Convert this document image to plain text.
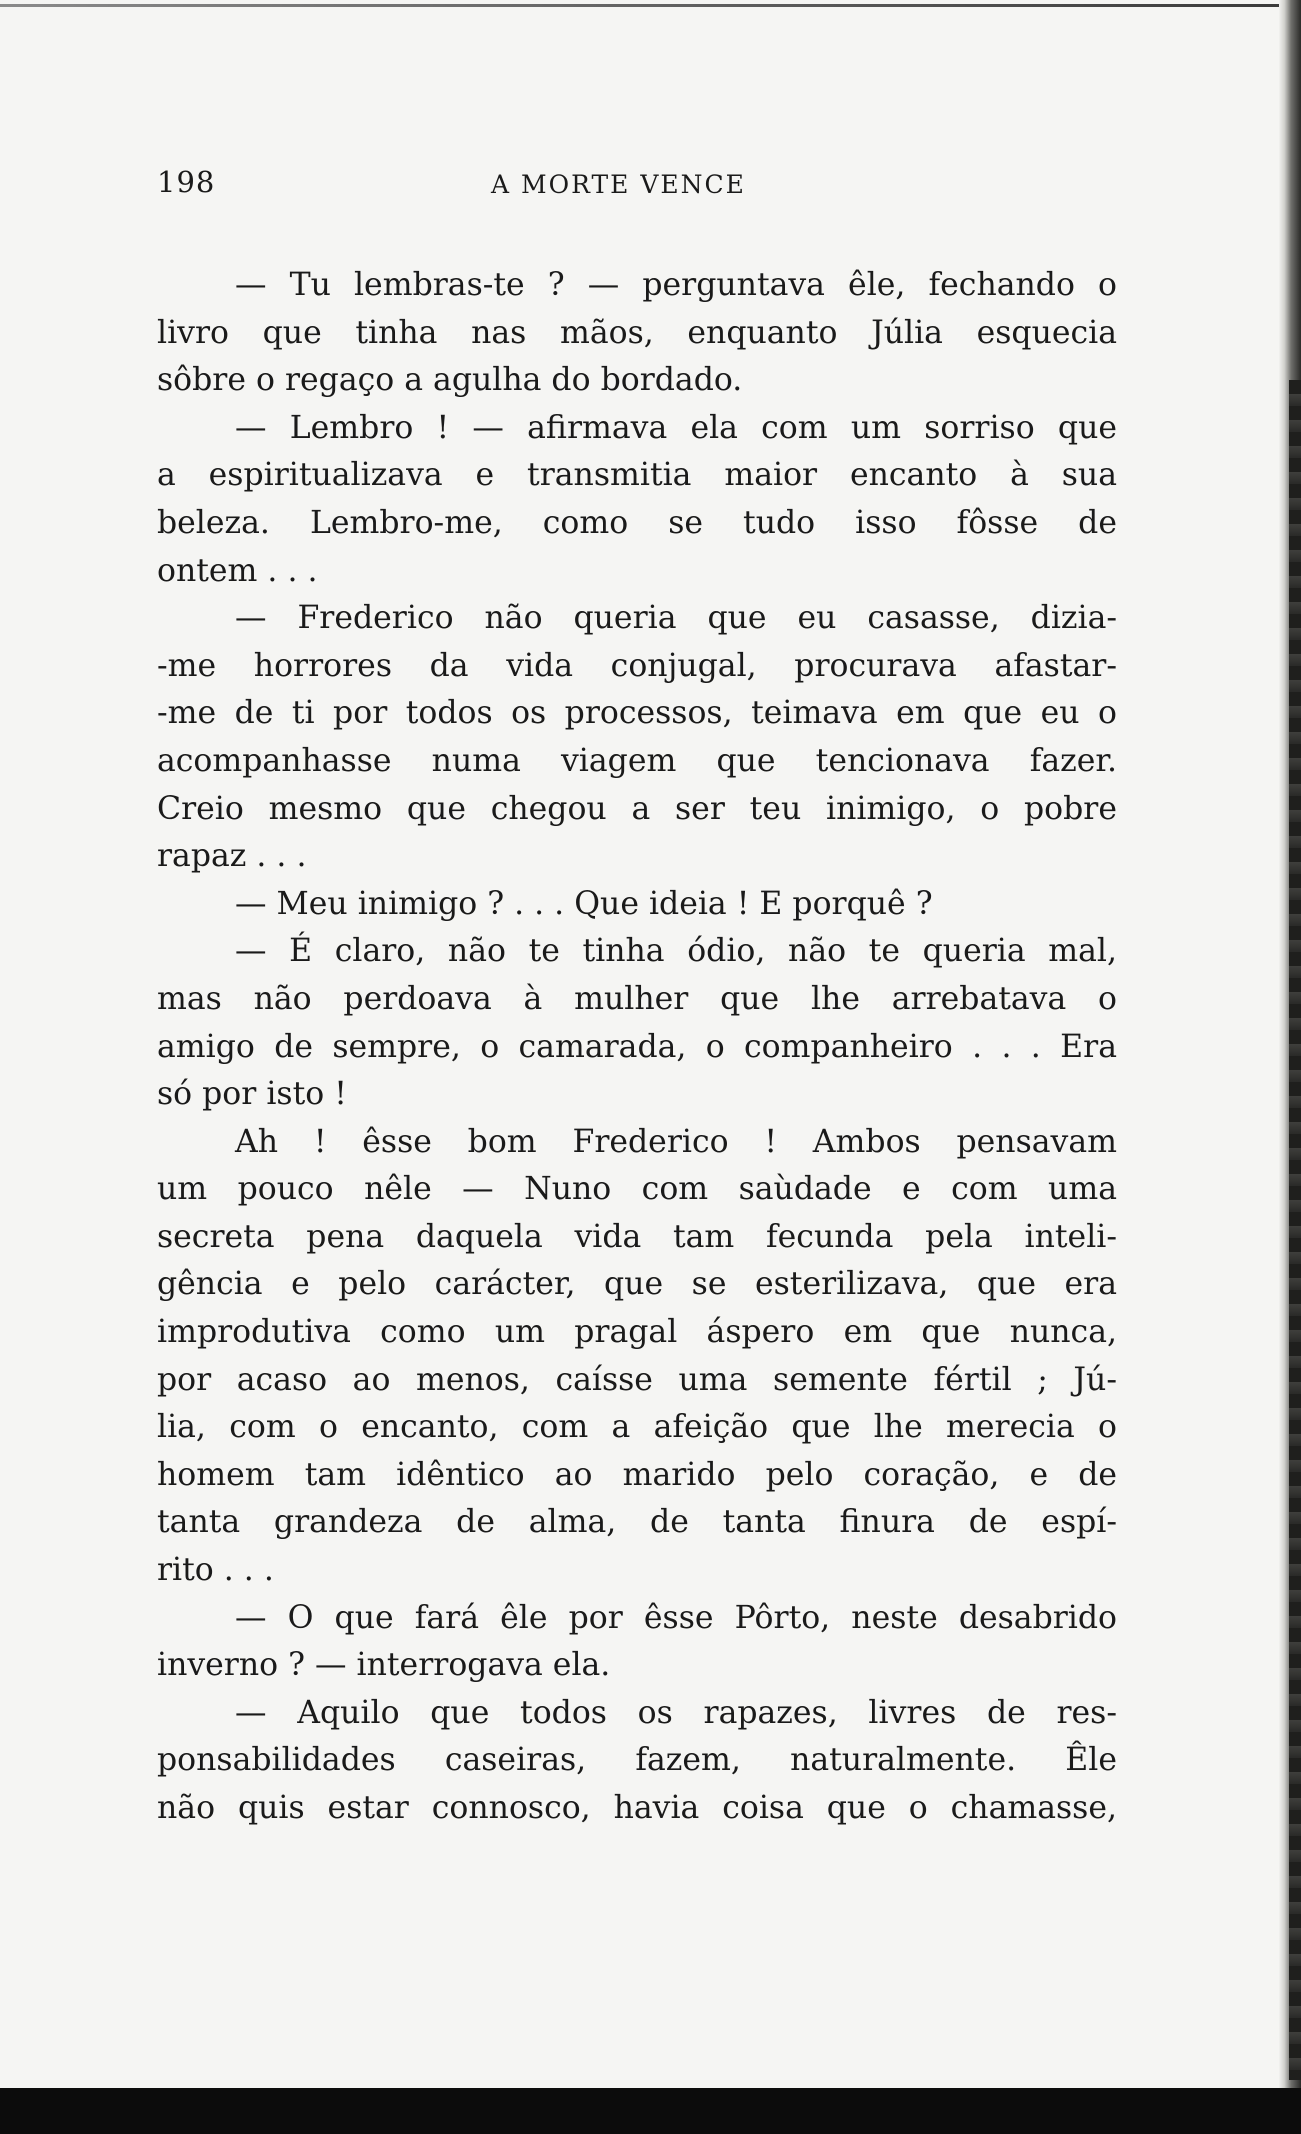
198	A MORTE VENCE
— Tu lembras-te ? — perguntava êle, fechando o
livro que tinha nas mãos, enquanto Júlia esquecia
sôbre o regaço a agulha do bordado.
— Lembro ! — afirmava ela com um sorriso que
a espiritualizava e transmitia maior encanto à sua
beleza. Lembro-me, como se tudo isso fôsse de
ontem . . .
— Frederico não queria que eu casasse, dizia-
-me horrores da vida conjugal, procurava afastar-
-me de ti por todos os processos, teimava em que eu o
acompanhasse numa viagem que tencionava fazer.
Creio mesmo que chegou a ser teu inimigo, o pobre
rapaz . . .
— Meu inimigo ? . . . Que ideia ! E porquê ?
— É claro, não te tinha ódio, não te queria mal,
mas não perdoava à mulher que lhe arrebatava o
amigo de sempre, o camarada, o companheiro . . . Era
só por isto !
Ah ! êsse bom Frederico ! Ambos pensavam
um pouco nêle — Nuno com saùdade e com uma
secreta pena daquela vida tam fecunda pela inteli-
gência e pelo carácter, que se esterilizava, que era
improdutiva como um pragal áspero em que nunca,
por acaso ao menos, caísse uma semente fértil ; Jú-
lia, com o encanto, com a afeição que lhe merecia o
homem tam idêntico ao marido pelo coração, e de
tanta grandeza de alma, de tanta finura de espí-
rito . . .
— O que fará êle por êsse Pôrto, neste desabrido
inverno ? — interrogava ela.
— Aquilo que todos os rapazes, livres de res-
ponsabilidades caseiras, fazem, naturalmente. Êle
não quis estar connosco, havia coisa que o chamasse,
